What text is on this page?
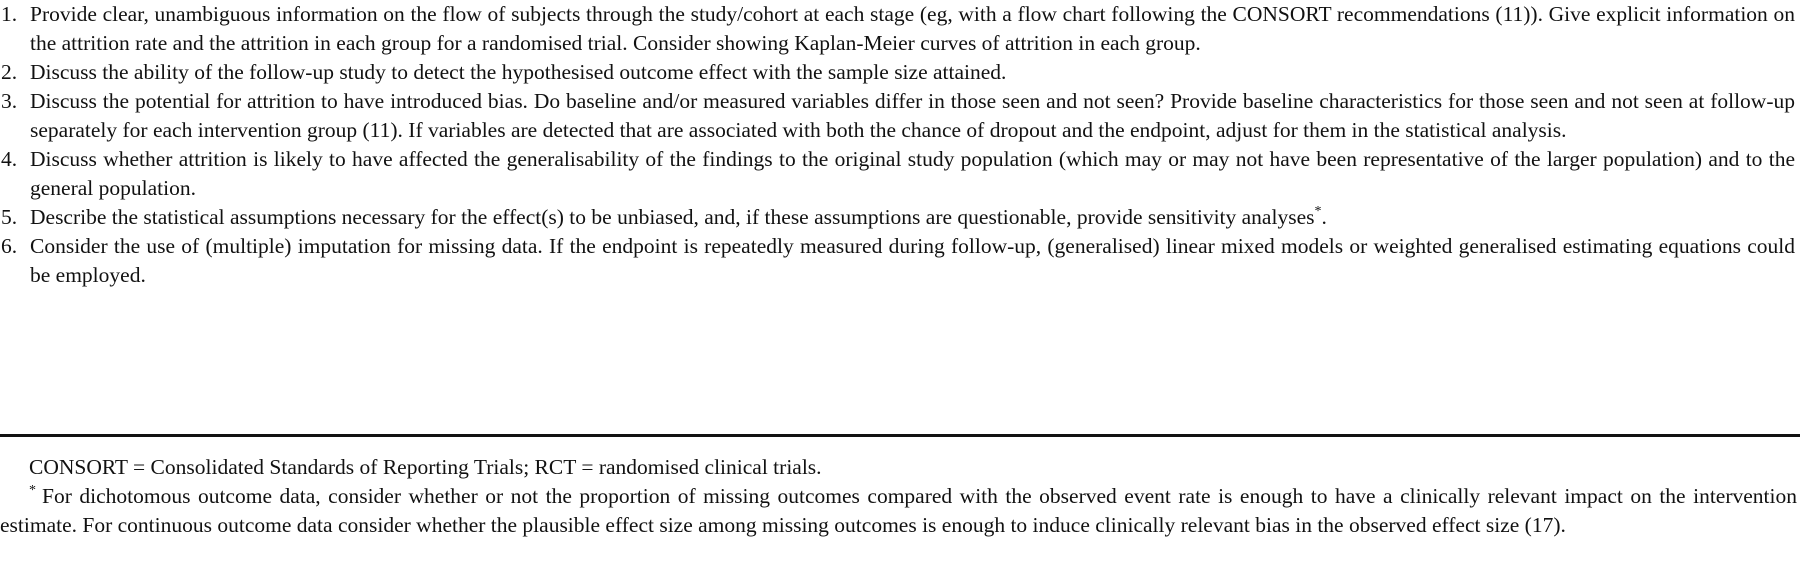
1. Provide clear, unambiguous information on the flow of subjects through the study/cohort at each stage (eg, with a flow chart following the CONSORT recommendations (11)). Give explicit information on the attrition rate and the attrition in each group for a randomised trial. Consider showing Kaplan-Meier curves of attrition in each group.
2. Discuss the ability of the follow-up study to detect the hypothesised outcome effect with the sample size attained.
3. Discuss the potential for attrition to have introduced bias. Do baseline and/or measured variables differ in those seen and not seen? Provide baseline characteristics for those seen and not seen at follow-up separately for each intervention group (11). If variables are detected that are associated with both the chance of dropout and the endpoint, adjust for them in the statistical analysis.
4. Discuss whether attrition is likely to have affected the generalisability of the findings to the original study population (which may or may not have been representative of the larger population) and to the general population.
5. Describe the statistical assumptions necessary for the effect(s) to be unbiased, and, if these assumptions are questionable, provide sensitivity analyses*.
6. Consider the use of (multiple) imputation for missing data. If the endpoint is repeatedly measured during follow-up, (generalised) linear mixed models or weighted generalised estimating equations could be employed.
CONSORT = Consolidated Standards of Reporting Trials; RCT = randomised clinical trials.
* For dichotomous outcome data, consider whether or not the proportion of missing outcomes compared with the observed event rate is enough to have a clinically relevant impact on the intervention estimate. For continuous outcome data consider whether the plausible effect size among missing outcomes is enough to induce clinically relevant bias in the observed effect size (17).
